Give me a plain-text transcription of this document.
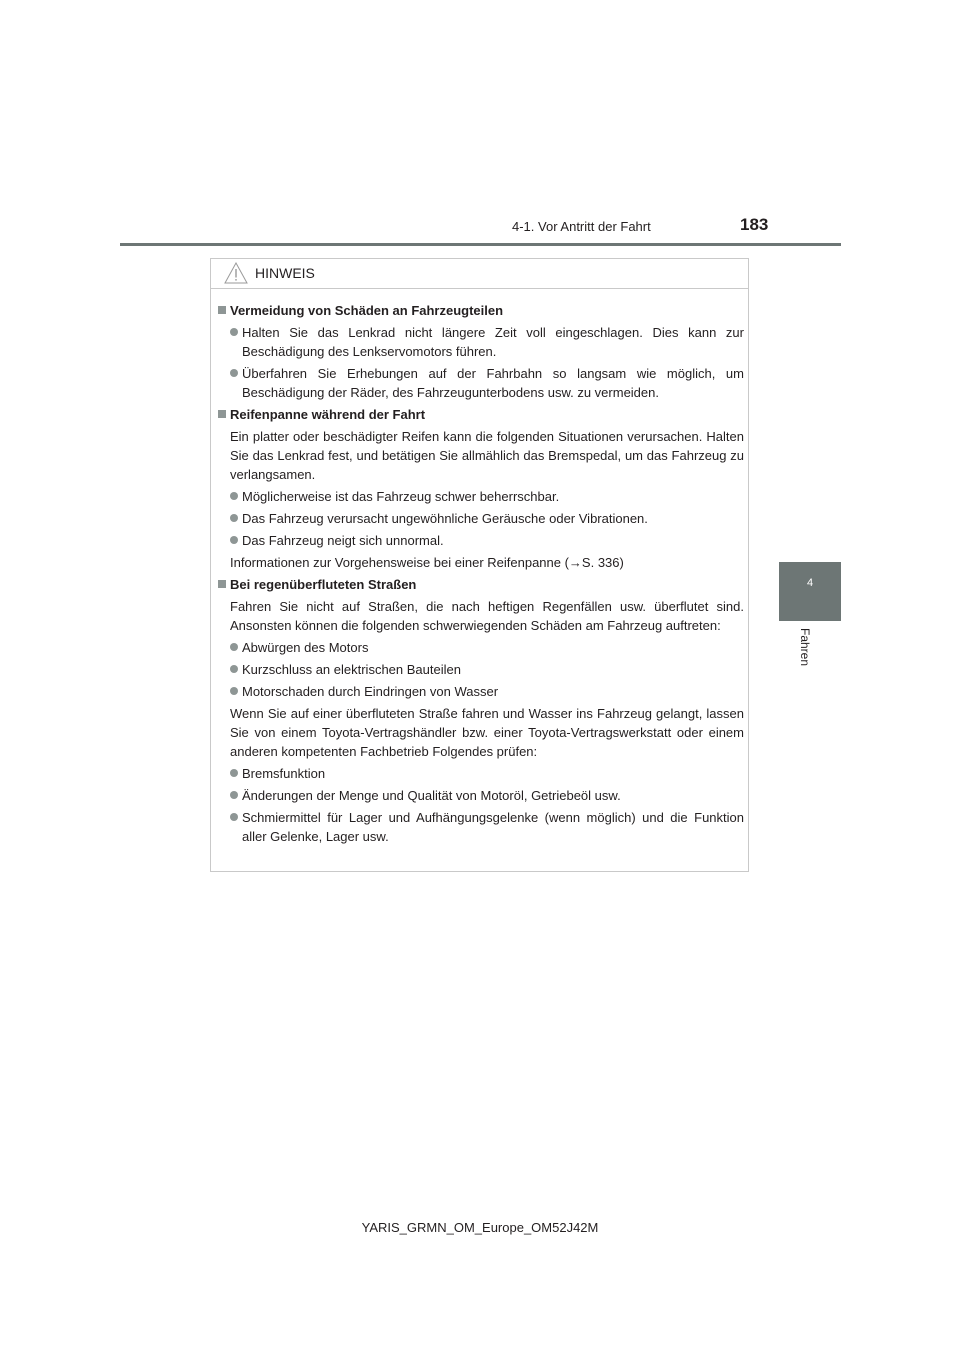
4-1. Vor Antritt der Fahrt	183
4
Fahren
HINWEIS
Vermeidung von Schäden an Fahrzeugteilen
Halten Sie das Lenkrad nicht längere Zeit voll eingeschlagen. Dies kann zur Beschädigung des Lenkservomotors führen.
Überfahren Sie Erhebungen auf der Fahrbahn so langsam wie möglich, um Beschädigung der Räder, des Fahrzeugunterbodens usw. zu vermeiden.
Reifenpanne während der Fahrt
Ein platter oder beschädigter Reifen kann die folgenden Situationen verursachen. Halten Sie das Lenkrad fest, und betätigen Sie allmählich das Bremspedal, um das Fahrzeug zu verlangsamen.
Möglicherweise ist das Fahrzeug schwer beherrschbar.
Das Fahrzeug verursacht ungewöhnliche Geräusche oder Vibrationen.
Das Fahrzeug neigt sich unnormal.
Informationen zur Vorgehensweise bei einer Reifenpanne (→S. 336)
Bei regenüberfluteten Straßen
Fahren Sie nicht auf Straßen, die nach heftigen Regenfällen usw. überflutet sind. Ansonsten können die folgenden schwerwiegenden Schäden am Fahrzeug auftreten:
Abwürgen des Motors
Kurzschluss an elektrischen Bauteilen
Motorschaden durch Eindringen von Wasser
Wenn Sie auf einer überfluteten Straße fahren und Wasser ins Fahrzeug gelangt, lassen Sie von einem Toyota-Vertragshändler bzw. einer Toyota-Vertragswerkstatt oder einem anderen kompetenten Fachbetrieb Folgendes prüfen:
Bremsfunktion
Änderungen der Menge und Qualität von Motoröl, Getriebeöl usw.
Schmiermittel für Lager und Aufhängungsgelenke (wenn möglich) und die Funktion aller Gelenke, Lager usw.
YARIS_GRMN_OM_Europe_OM52J42M
